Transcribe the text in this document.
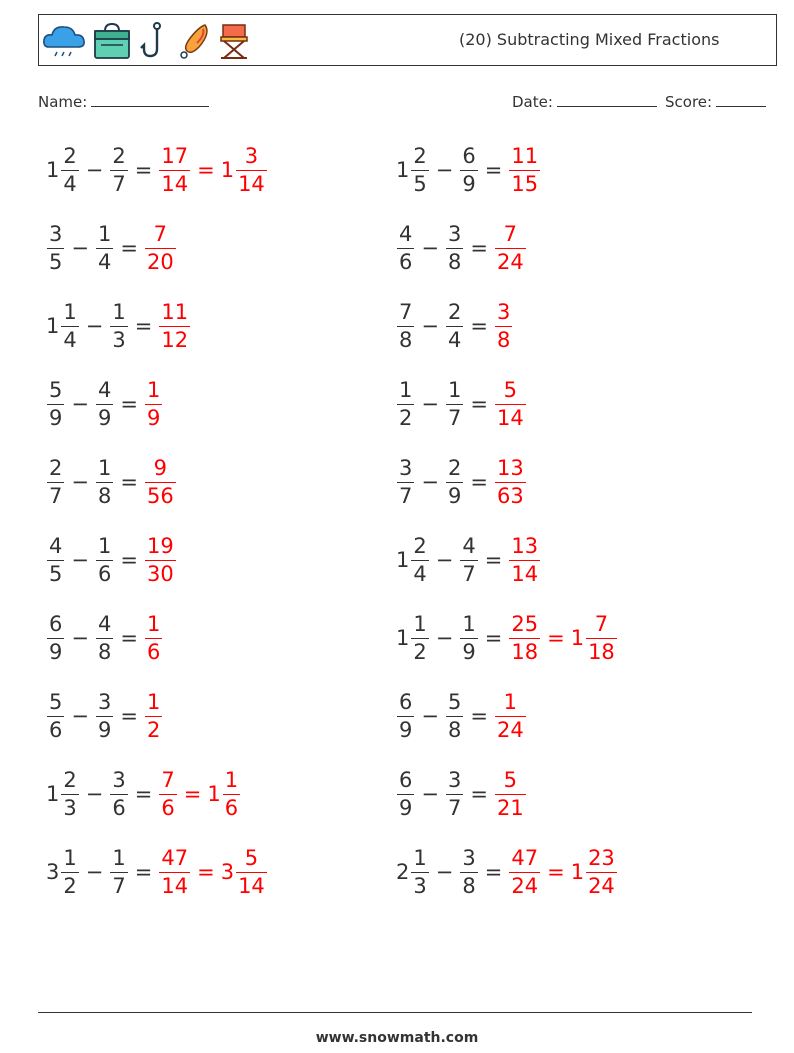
(20) Subtracting Mixed Fractions
Name:	Date:	Score:
$1 \frac{2}{4} - \frac{2}{7} = \frac{17}{14} = 1 \frac{3}{14}$	$1 \frac{2}{5} - \frac{6}{9} = \frac{11}{15}$
$\frac{3}{5} - \frac{1}{4} = \frac{7}{20}$	$\frac{4}{6} - \frac{3}{8} = \frac{7}{24}$
$1 \frac{1}{4} - \frac{1}{3} = \frac{11}{12}$	$\frac{7}{8} - \frac{2}{4} = \frac{3}{8}$
$\frac{5}{9} - \frac{4}{9} = \frac{1}{9}$	$\frac{1}{2} - \frac{1}{7} = \frac{5}{14}$
$\frac{2}{7} - \frac{1}{8} = \frac{9}{56}$	$\frac{3}{7} - \frac{2}{9} = \frac{13}{63}$
$\frac{4}{5} - \frac{1}{6} = \frac{19}{30}$	$1 \frac{2}{4} - \frac{4}{7} = \frac{13}{14}$
$\frac{6}{9} - \frac{4}{8} = \frac{1}{6}$	$1 \frac{1}{2} - \frac{1}{9} = \frac{25}{18} = 1 \frac{7}{18}$
$\frac{5}{6} - \frac{3}{9} = \frac{1}{2}$	$\frac{6}{9} - \frac{5}{8} = \frac{1}{24}$
$1 \frac{2}{3} - \frac{3}{6} = \frac{7}{6} = 1 \frac{1}{6}$	$\frac{6}{9} - \frac{3}{7} = \frac{5}{21}$
$3 \frac{1}{2} - \frac{1}{7} = \frac{47}{14} = 3 \frac{5}{14}$	$2 \frac{1}{3} - \frac{3}{8} = \frac{47}{24} = 1 \frac{23}{24}$
www.snowmath.com
